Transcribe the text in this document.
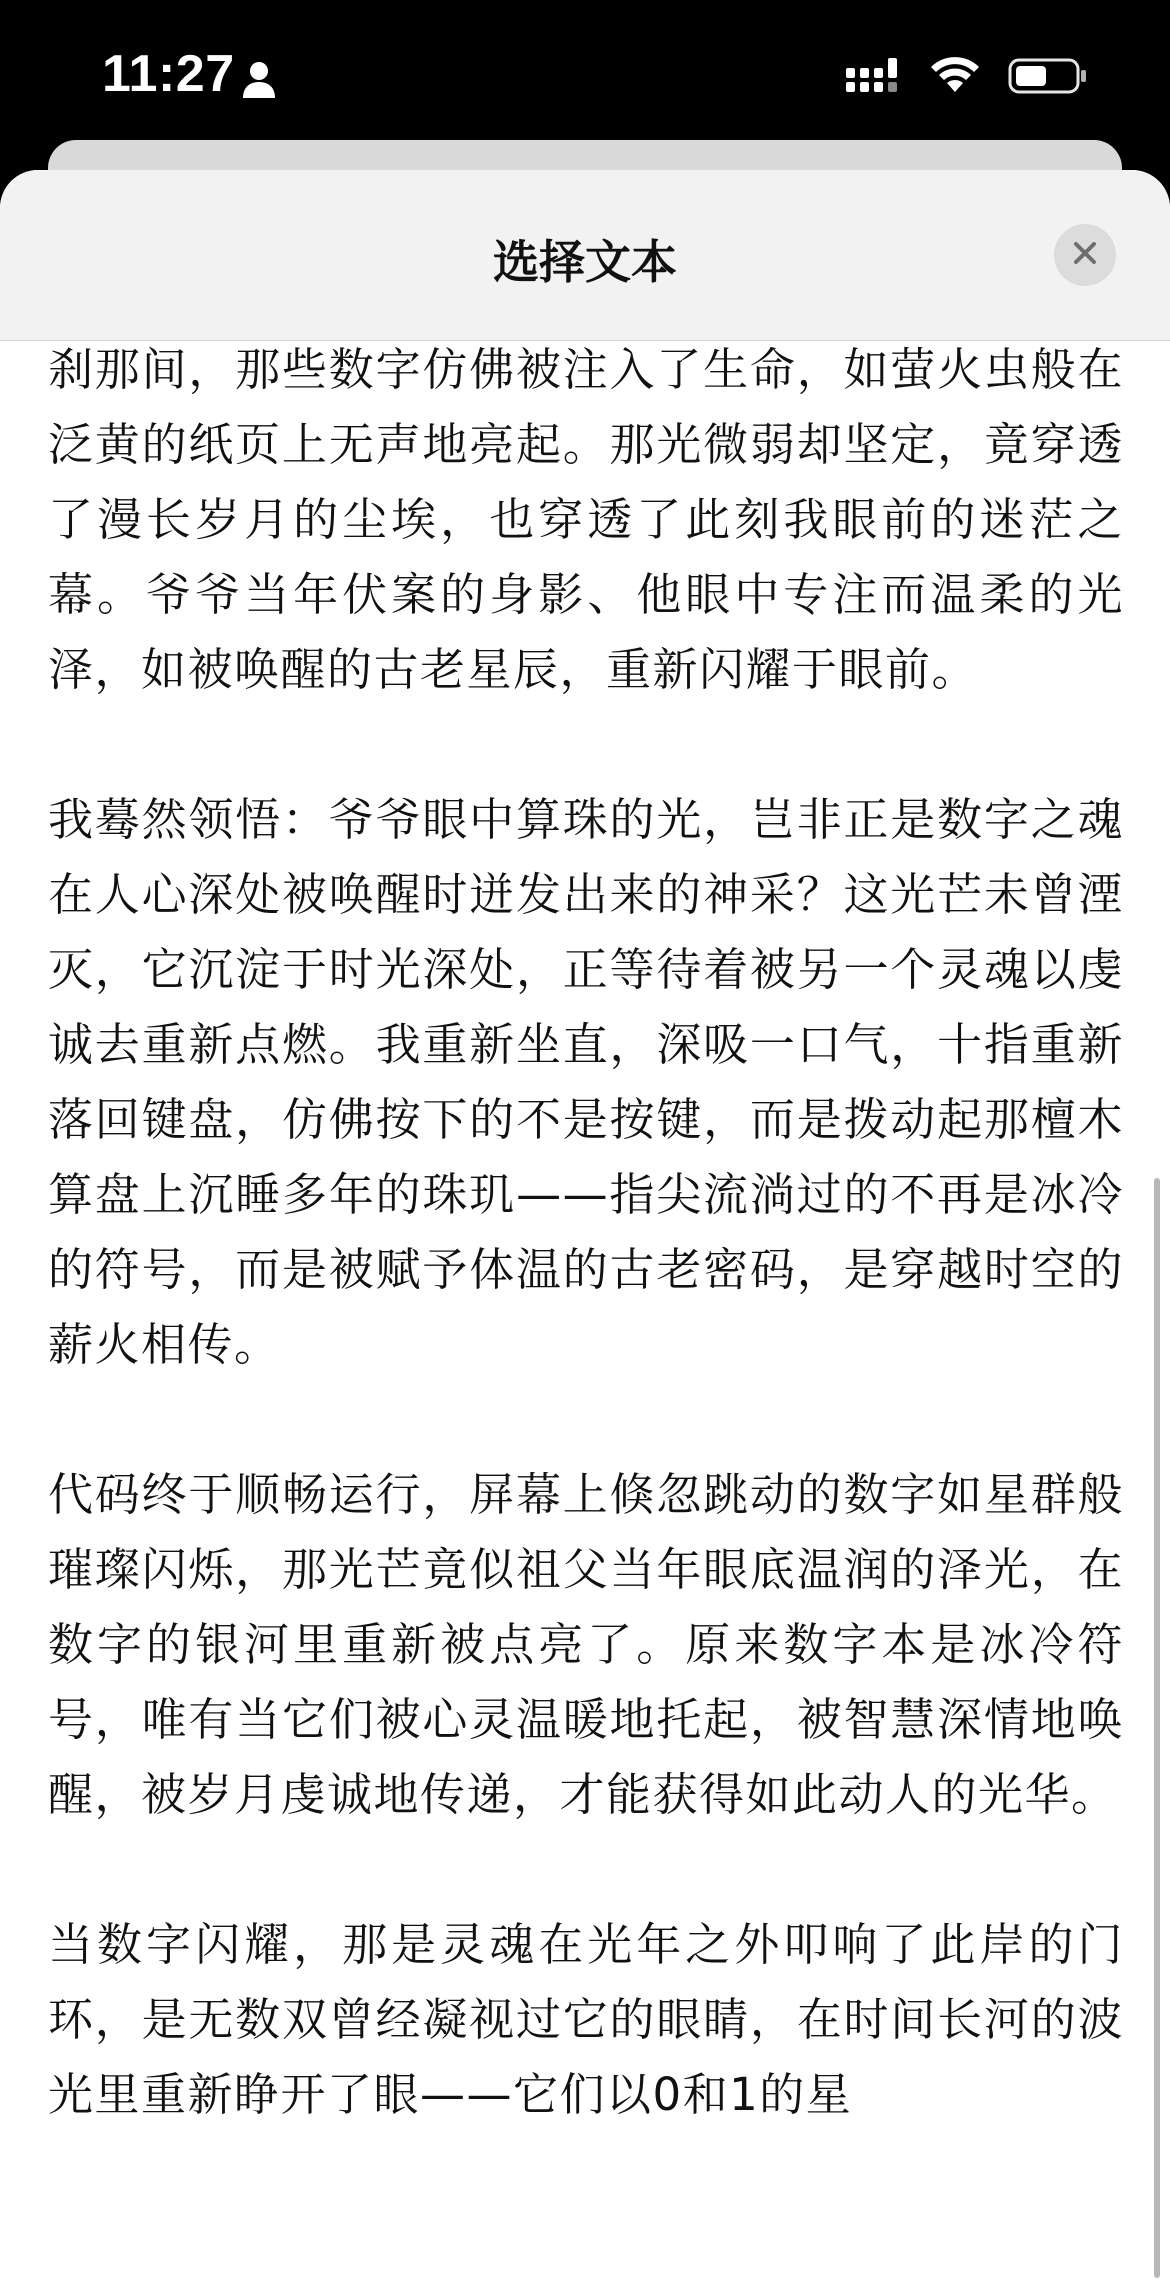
11:27
选择文本

刹那间，那些数字仿佛被注入了生命，如萤火虫般在泛黄的纸页上无声地亮起。那光微弱却坚定，竟穿透了漫长岁月的尘埃，也穿透了此刻我眼前的迷茫之幕。爷爷当年伏案的身影、他眼中专注而温柔的光泽，如被唤醒的古老星辰，重新闪耀于眼前。

我蓦然领悟：爷爷眼中算珠的光，岂非正是数字之魂在人心深处被唤醒时迸发出来的神采？这光芒未曾湮灭，它沉淀于时光深处，正等待着被另一个灵魂以虔诚去重新点燃。我重新坐直，深吸一口气，十指重新落回键盘，仿佛按下的不是按键，而是拨动起那檀木算盘上沉睡多年的珠玑——指尖流淌过的不再是冰冷的符号，而是被赋予体温的古老密码，是穿越时空的薪火相传。

代码终于顺畅运行，屏幕上倏忽跳动的数字如星群般璀璨闪烁，那光芒竟似祖父当年眼底温润的泽光，在数字的银河里重新被点亮了。原来数字本是冰冷符号，唯有当它们被心灵温暖地托起，被智慧深情地唤醒，被岁月虔诚地传递，才能获得如此动人的光华。

当数字闪耀，那是灵魂在光年之外叩响了此岸的门环，是无数双曾经凝视过它的眼睛，在时间长河的波光里重新睁开了眼——它们以0和1的星
